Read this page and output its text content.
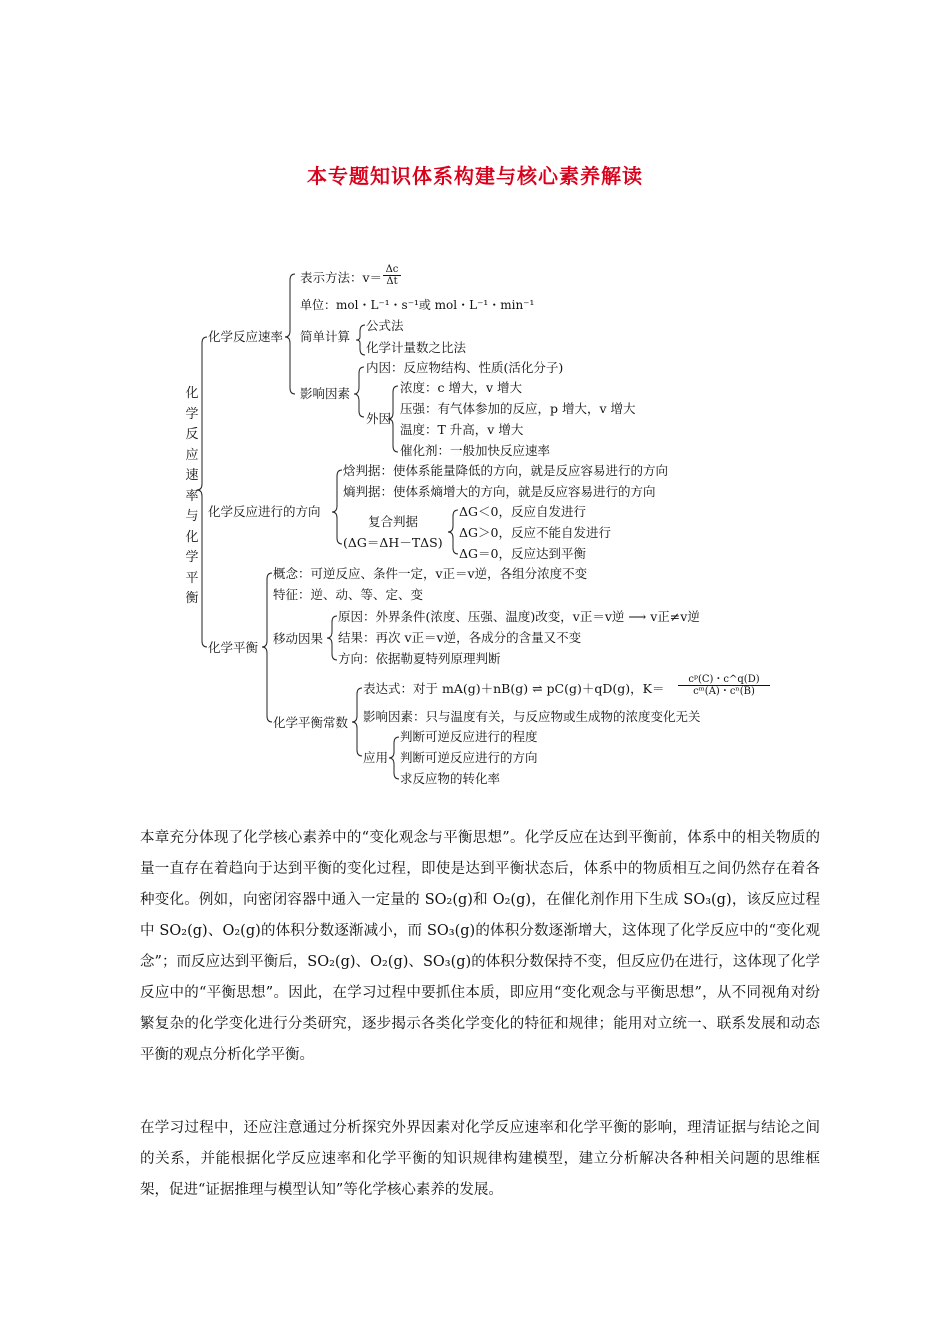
本专题知识体系构建与核心素养解读
化学反应速率与化学平衡
化学反应速率
表示方法：$v= \frac{\Delta c}{\Delta t}$
单位：mol・L⁻¹・s⁻¹或 mol・L⁻¹・min⁻¹
简单计算
公式法
化学计量数之比法
影响因素
内因：反应物结构、性质(活化分子)
外因
浓度：c 增大，v 增大
压强：有气体参加的反应，p 增大，v 增大
温度：T 升高，v 增大
催化剂：一般加快反应速率
化学反应进行的方向
焓判据：使体系能量降低的方向，就是反应容易进行的方向
熵判据：使体系熵增大的方向，就是反应容易进行的方向
复合判据
(ΔG＝ΔH－TΔS)
ΔG＜0，反应自发进行
ΔG＞0，反应不能自发进行
ΔG＝0，反应达到平衡
化学平衡
概念：可逆反应、条件一定，v正＝v逆，各组分浓度不变
特征：逆、动、等、定、变
移动因果
原因：外界条件(浓度、压强、温度)改变，v正＝v逆 ⟶ v正≠v逆
结果：再次 v正＝v逆，各成分的含量又不变
方向：依据勒夏特列原理判断
化学平衡常数
表达式：对于 mA(g)＋nB(g) ⇌ pC(g)＋qD(g)，$K= \frac{\text{cᵖ(C)・c\textasciicircum{}q(D)}}{\text{cᵐ(A)・cⁿ(B)}}$
影响因素：只与温度有关，与反应物或生成物的浓度变化无关
应用
判断可逆反应进行的程度
判断可逆反应进行的方向
求反应物的转化率
本章充分体现了化学核心素养中的“变化观念与平衡思想”。化学反应在达到平衡前，体系中的相关物质的量一直存在着趋向于达到平衡的变化过程，即使是达到平衡状态后，体系中的物质相互之间仍然存在着各种变化。例如，向密闭容器中通入一定量的 SO₂(g)和 O₂(g)，在催化剂作用下生成 SO₃(g)，该反应过程中 SO₂(g)、O₂(g)的体积分数逐渐减小，而 SO₃(g)的体积分数逐渐增大，这体现了化学反应中的“变化观念”；而反应达到平衡后，SO₂(g)、O₂(g)、SO₃(g)的体积分数保持不变，但反应仍在进行，这体现了化学反应中的“平衡思想”。因此，在学习过程中要抓住本质，即应用“变化观念与平衡思想”，从不同视角对纷繁复杂的化学变化进行分类研究，逐步揭示各类化学变化的特征和规律；能用对立统一、联系发展和动态平衡的观点分析化学平衡。
在学习过程中，还应注意通过分析探究外界因素对化学反应速率和化学平衡的影响，理清证据与结论之间的关系，并能根据化学反应速率和化学平衡的知识规律构建模型，建立分析解决各种相关问题的思维框架，促进“证据推理与模型认知”等化学核心素养的发展。
